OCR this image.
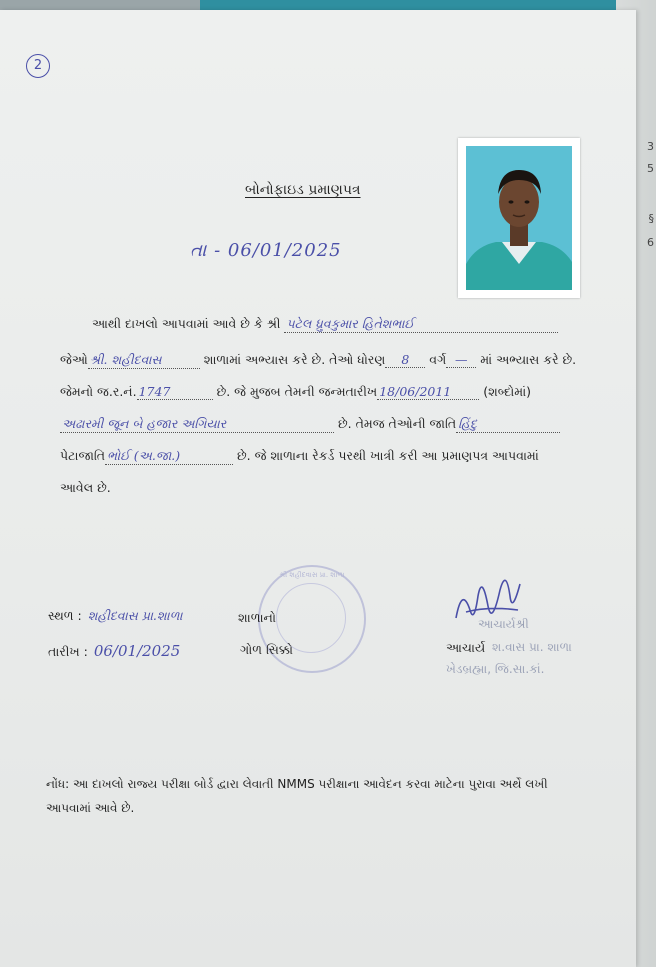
3
5
§
6
2
બોનોફાઇડ પ્રમાણપત્ર
તા - 06/01/2025
આથી દાખલો આપવામાં આવે છે કે શ્રી પટેલ ધ્રુવકુમાર હિતેશભાઈ
જેઓ શ્રી. શહીદવાસ	શાળામાં અભ્યાસ કરે છે. તેઓ ધોરણ 8 વર્ગ — માં અભ્યાસ કરે છે.
જેમનો જ.ર.નં. 1747	છે. જે મુજબ તેમની જન્મતારીખ 18/06/2011	(શબ્દોમાં)
અઢારમી જૂન બે હજાર અગિયાર	છે. તેમજ તેઓની જાતિ હિંદુ
પેટાજાતિ ભોઈ (અ.જા.)	છે. જે શાળાના રેકર્ડ પરથી ખાત્રી કરી આ પ્રમાણપત્ર આપવામાં
આવેલ છે.
સ્થળ : શહીદવાસ પ્રા.શાળા
તારીખ : 06/01/2025
શ્રી શહીદવાસ પ્રા. શાળા
શાળાનો
ગોળ સિક્કો
આચાર્યશ્રી
આચાર્ય શ.વાસ પ્રા. શાળા
ખેડબ્રહ્મા, જિ.સા.કાં.
નોંધ: આ દાખલો રાજ્ય પરીક્ષા બોર્ડ દ્વારા લેવાતી NMMS પરીક્ષાના આવેદન કરવા માટેના પુરાવા અર્થે લખી આપવામાં આવે છે.
